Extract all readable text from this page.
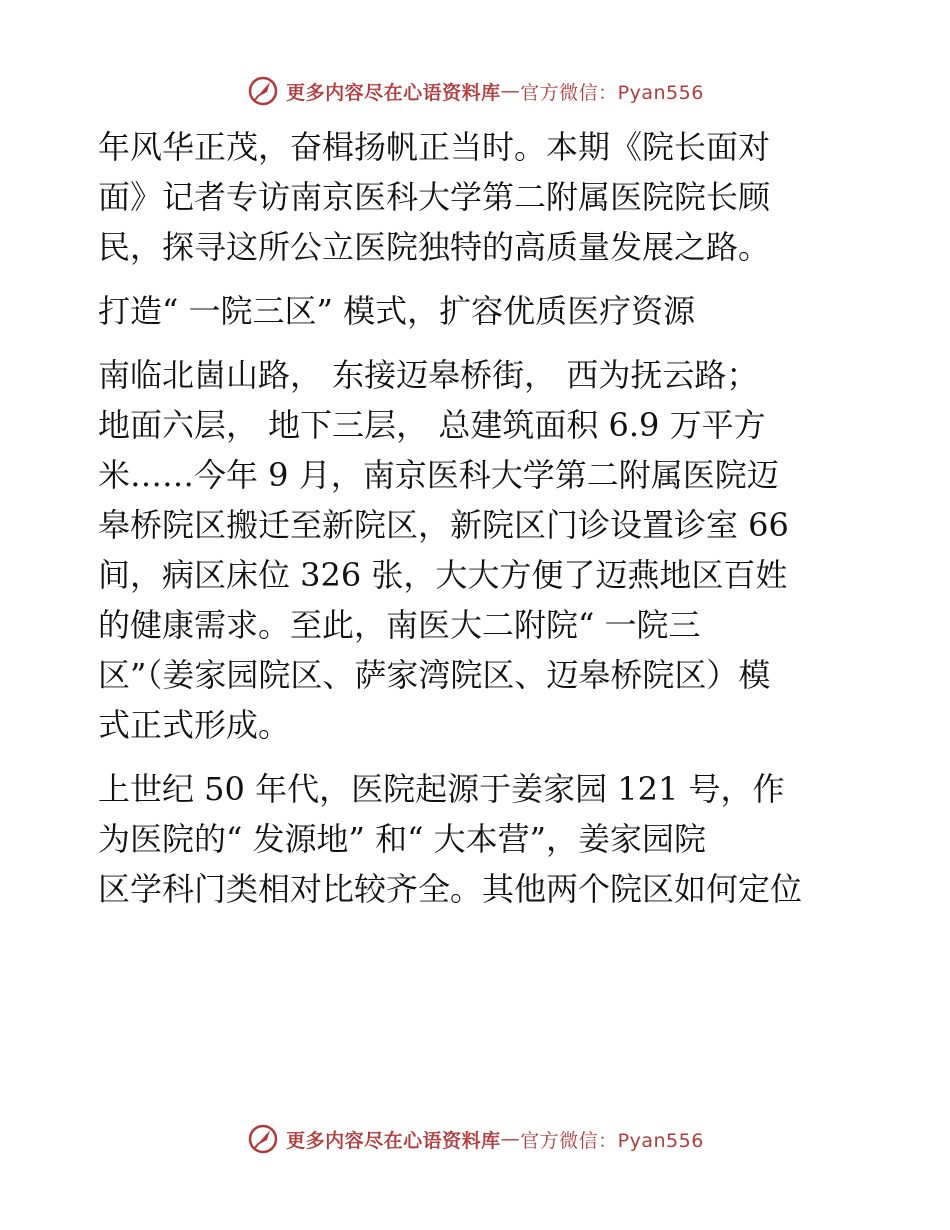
更多内容尽在心语资料库 — 官方微信：Pyan556
年风华正茂，奋楫扬帆正当时。本期《院长面对
面》记者专访南京医科大学第二附属医院院长顾
民，探寻这所公立医院独特的高质量发展之路。
打造“ 一院三区” 模式，扩容优质医疗资源
南临北崮山路， 东接迈皋桥街， 西为抚云路；
地面六层， 地下三层， 总建筑面积 6.9 万平方
米……今年 9 月，南京医科大学第二附属医院迈
皋桥院区搬迁至新院区，新院区门诊设置诊室 66
间，病区床位 326 张，大大方便了迈燕地区百姓
的健康需求。至此，南医大二附院“ 一院三
区”（姜家园院区、萨家湾院区、迈皋桥院区）模
式正式形成。
上世纪 50 年代，医院起源于姜家园 121 号，作
为医院的“ 发源地” 和“ 大本营”，姜家园院
区学科门类相对比较齐全。其他两个院区如何定位
更多内容尽在心语资料库 — 官方微信：Pyan556
